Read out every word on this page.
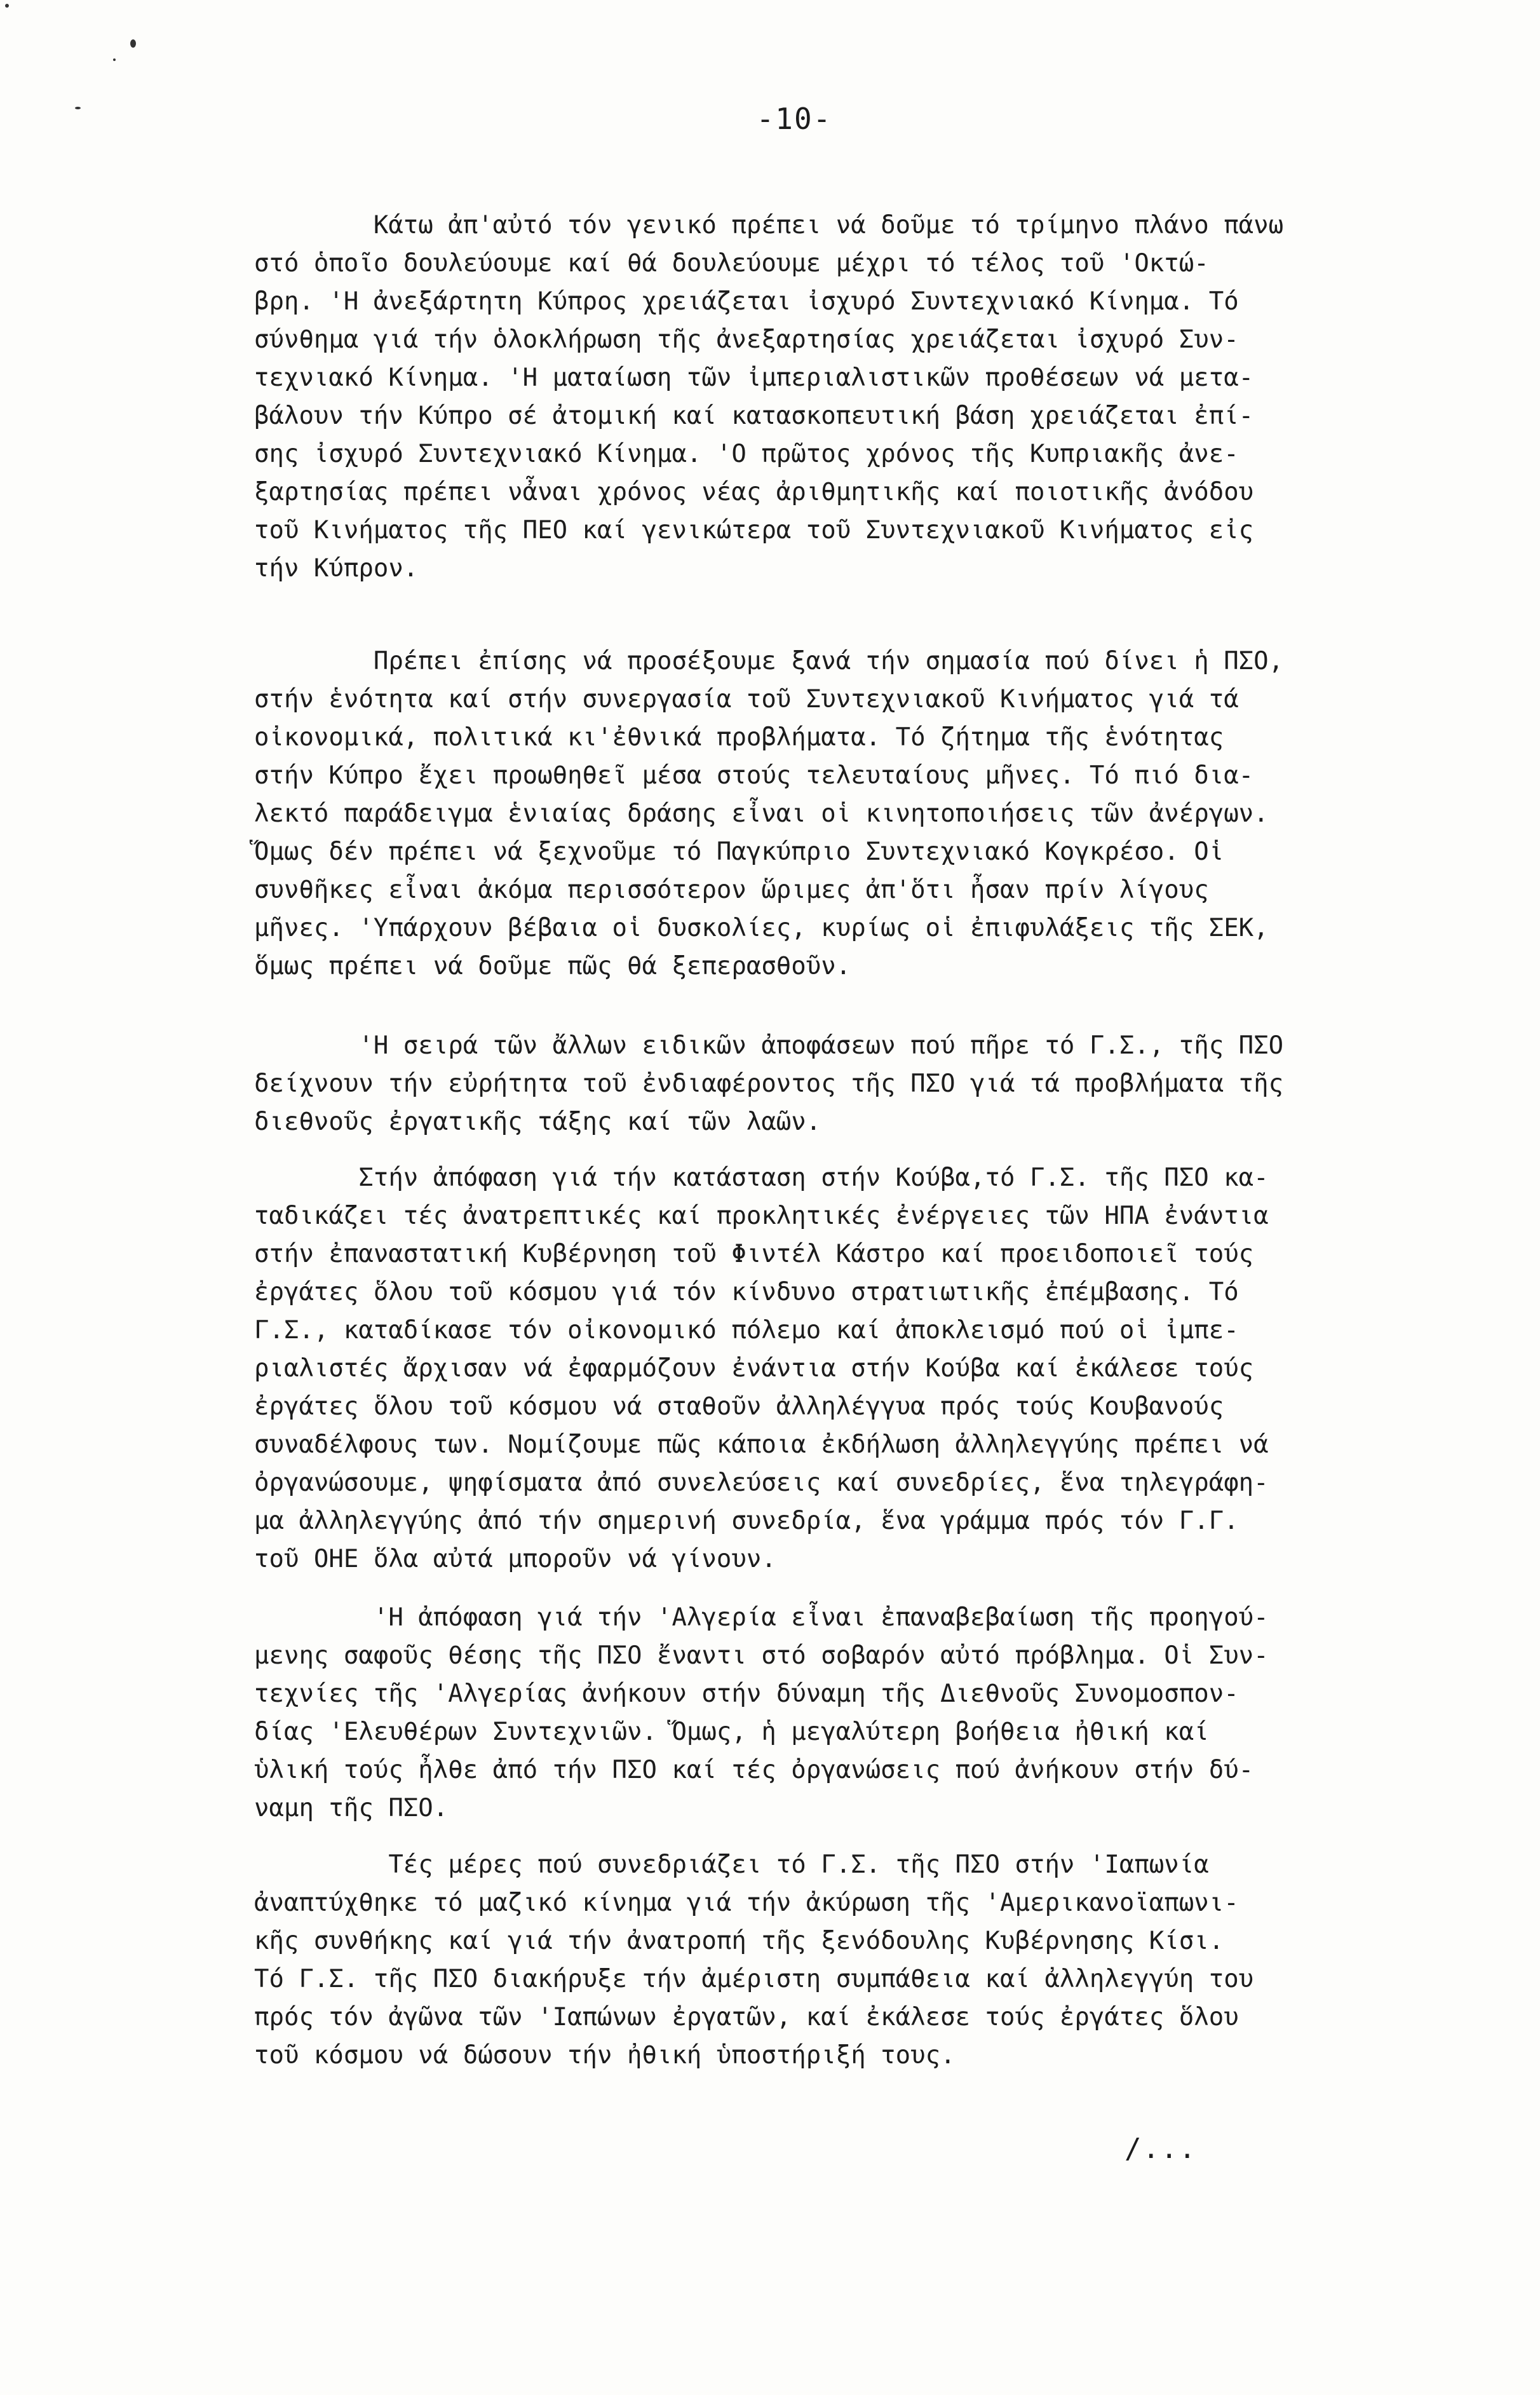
-10-
Κάτω ἀπ'αὐτό τόν γενικό πρέπει νά δοῦμε τό τρίμηνο πλάνο πάνω
στό ὁποῖο δουλεύουμε καί θά δουλεύουμε μέχρι τό τέλος τοῦ 'Οκτώ-
βρη. 'Η ἀνεξάρτητη Κύπρος χρειάζεται ἰσχυρό Συντεχνιακό Κίνημα. Τό
σύνθημα γιά τήν ὁλοκλήρωση τῆς ἀνεξαρτησίας χρειάζεται ἰσχυρό Συν-
τεχνιακό Κίνημα. 'Η ματαίωση τῶν ἰμπεριαλιστικῶν προθέσεων νά μετα-
βάλουν τήν Κύπρο σέ ἀτομική καί κατασκοπευτική βάση χρειάζεται ἐπί-
σης ἰσχυρό Συντεχνιακό Κίνημα. 'Ο πρῶτος χρόνος τῆς Κυπριακῆς ἀνε-
ξαρτησίας πρέπει νἆναι χρόνος νέας ἀριθμητικῆς καί ποιοτικῆς ἀνόδου
τοῦ Κινήματος τῆς ΠΕΟ καί γενικώτερα τοῦ Συντεχνιακοῦ Κινήματος εἰς
τήν Κύπρον.
Πρέπει ἐπίσης νά προσέξουμε ξανά τήν σημασία πού δίνει ἡ ΠΣΟ,
στήν ἑνότητα καί στήν συνεργασία τοῦ Συντεχνιακοῦ Κινήματος γιά τά
οἰκονομικά, πολιτικά κι'ἐθνικά προβλήματα. Τό ζήτημα τῆς ἑνότητας
στήν Κύπρο ἔχει προωθηθεῖ μέσα στούς τελευταίους μῆνες. Τό πιό δια-
λεκτό παράδειγμα ἑνιαίας δράσης εἶναι οἱ κινητοποιήσεις τῶν ἀνέργων.
Ὅμως δέν πρέπει νά ξεχνοῦμε τό Παγκύπριο Συντεχνιακό Κογκρέσο. Οἱ
συνθῆκες εἶναι ἀκόμα περισσότερον ὥριμες ἀπ'ὅτι ἦσαν πρίν λίγους
μῆνες. 'Υπάρχουν βέβαια οἱ δυσκολίες, κυρίως οἱ ἐπιφυλάξεις τῆς ΣΕΚ,
ὅμως πρέπει νά δοῦμε πῶς θά ξεπερασθοῦν.
'Η σειρά τῶν ἄλλων ειδικῶν ἀποφάσεων πού πῆρε τό Γ.Σ., τῆς ΠΣΟ
δείχνουν τήν εὐρήτητα τοῦ ἐνδιαφέροντος τῆς ΠΣΟ γιά τά προβλήματα τῆς
διεθνοῦς ἐργατικῆς τάξης καί τῶν λαῶν.
Στήν ἀπόφαση γιά τήν κατάσταση στήν Κούβα,τό Γ.Σ. τῆς ΠΣΟ κα-
ταδικάζει τές ἀνατρεπτικές καί προκλητικές ἐνέργειες τῶν ΗΠΑ ἐνάντια
στήν ἐπαναστατική Κυβέρνηση τοῦ Φιντέλ Κάστρο καί προειδοποιεῖ τούς
ἐργάτες ὅλου τοῦ κόσμου γιά τόν κίνδυνο στρατιωτικῆς ἐπέμβασης. Τό
Γ.Σ., καταδίκασε τόν οἰκονομικό πόλεμο καί ἀποκλεισμό πού οἱ ἰμπε-
ριαλιστές ἄρχισαν νά ἐφαρμόζουν ἐνάντια στήν Κούβα καί ἐκάλεσε τούς
ἐργάτες ὅλου τοῦ κόσμου νά σταθοῦν ἀλληλέγγυα πρός τούς Κουβανούς
συναδέλφους των. Νομίζουμε πῶς κάποια ἐκδήλωση ἀλληλεγγύης πρέπει νά
ὀργανώσουμε, ψηφίσματα ἀπό συνελεύσεις καί συνεδρίες, ἕνα τηλεγράφη-
μα ἀλληλεγγύης ἀπό τήν σημερινή συνεδρία, ἕνα γράμμα πρός τόν Γ.Γ.
τοῦ ΟΗΕ ὅλα αὐτά μποροῦν νά γίνουν.
'Η ἀπόφαση γιά τήν 'Αλγερία εἶναι ἐπαναβεβαίωση τῆς προηγού-
μενης σαφοῦς θέσης τῆς ΠΣΟ ἔναντι στό σοβαρόν αὐτό πρόβλημα. Οἱ Συν-
τεχνίες τῆς 'Αλγερίας ἀνήκουν στήν δύναμη τῆς Διεθνοῦς Συνομοσπον-
δίας 'Ελευθέρων Συντεχνιῶν. Ὅμως, ἡ μεγαλύτερη βοήθεια ἠθική καί
ὑλική τούς ἦλθε ἀπό τήν ΠΣΟ καί τές ὀργανώσεις πού ἀνήκουν στήν δύ-
ναμη τῆς ΠΣΟ.
Τές μέρες πού συνεδριάζει τό Γ.Σ. τῆς ΠΣΟ στήν 'Ιαπωνία
ἀναπτύχθηκε τό μαζικό κίνημα γιά τήν ἀκύρωση τῆς 'Αμερικανοϊαπωνι-
κῆς συνθήκης καί γιά τήν ἀνατροπή τῆς ξενόδουλης Κυβέρνησης Κίσι.
Τό Γ.Σ. τῆς ΠΣΟ διακήρυξε τήν ἀμέριστη συμπάθεια καί ἀλληλεγγύη του
πρός τόν ἀγῶνα τῶν 'Ιαπώνων ἐργατῶν, καί ἐκάλεσε τούς ἐργάτες ὅλου
τοῦ κόσμου νά δώσουν τήν ἠθική ὑποστήριξή τους.
/...
